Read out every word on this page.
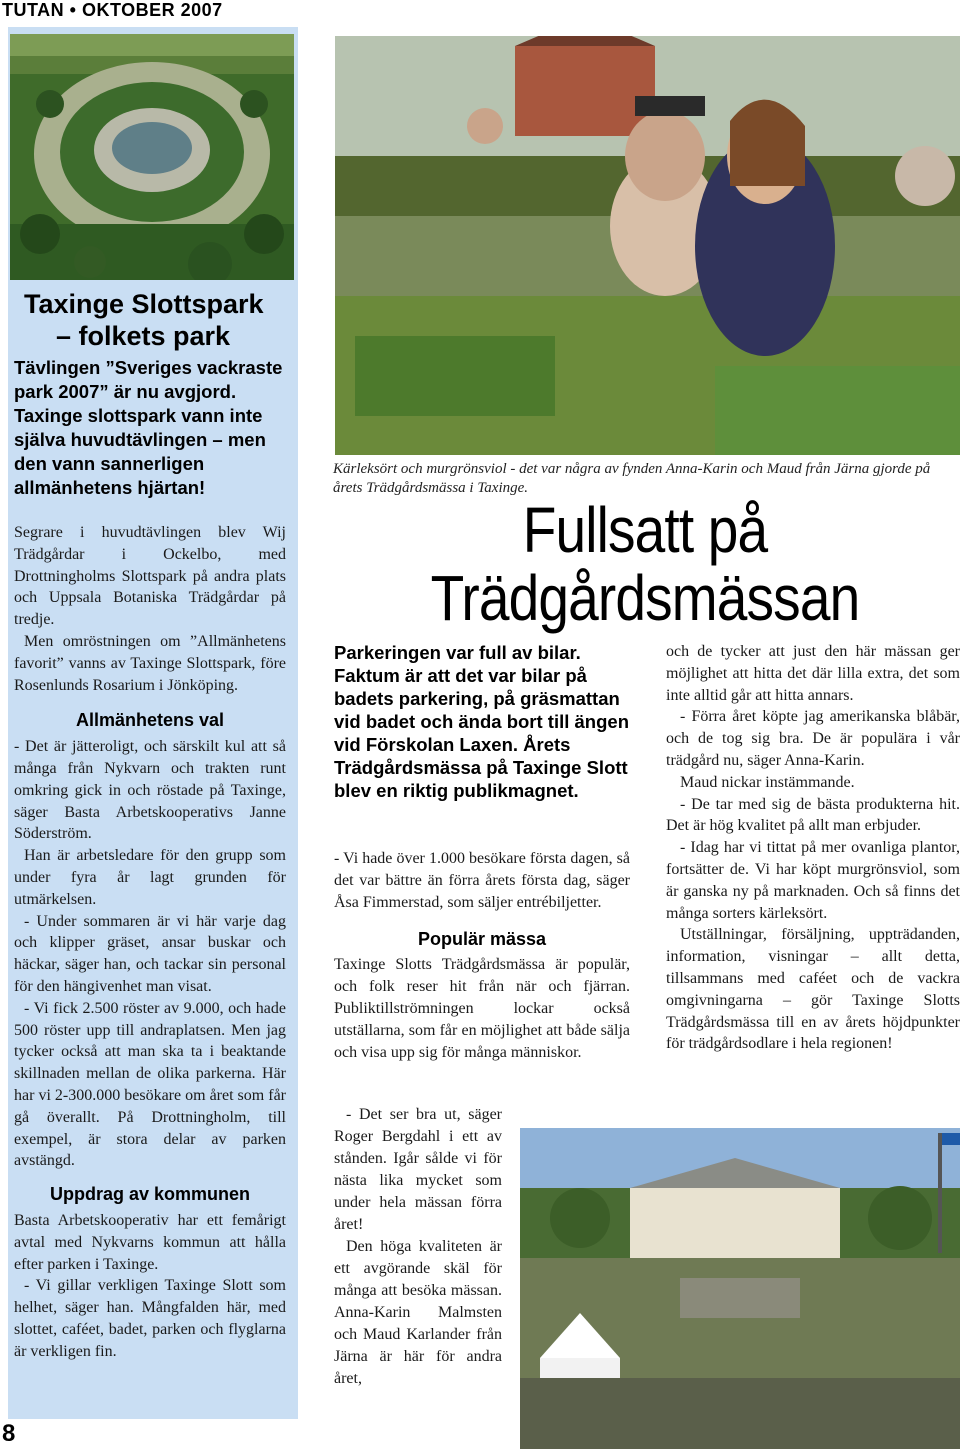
TUTAN • OKTOBER 2007
Taxinge Slottspark
– folkets park
Tävlingen ”Sveriges vackraste park 2007” är nu avgjord. Taxinge slottspark vann inte själva huvudtävlingen – men den vann sannerligen allmänhetens hjärtan!

Segrare i huvudtävlingen blev Wij Trädgårdar i Ockelbo, med Drottningholms Slottspark på andra plats och Uppsala Botaniska Trädgårdar på tredje.

Men omröstningen om ”Allmänhetens favorit” vanns av Taxinge Slottspark, före Rosenlunds Rosarium i Jönköping.

Allmänhetens val

- Det är jätteroligt, och särskilt kul att så många från Nykvarn och trakten runt omkring gick in och röstade på Taxinge, säger Basta Arbetskooperativs Janne Söderström.

Han är arbetsledare för den grupp som under fyra år lagt grunden för utmärkelsen.

- Under sommaren är vi här varje dag och klipper gräset, ansar buskar och häckar, säger han, och tackar sin personal för den hängivenhet man visat.

- Vi fick 2.500 röster av 9.000, och hade 500 röster upp till andraplatsen. Men jag tycker också att man ska ta i beaktande skillnaden mellan de olika parkerna. Här har vi 2-300.000 besökare om året som får gå överallt. På Drottningholm, till exempel, är stora delar av parken avstängd.

Uppdrag av kommunen

Basta Arbetskooperativ har ett femårigt avtal med Nykvarns kommun att hålla efter parken i Taxinge.

- Vi gillar verkligen Taxinge Slott som helhet, säger han. Mångfalden här, med slottet, caféet, badet, parken och flyglarna är verkligen fin.

8
Kärleksört och murgrönsviol - det var några av fynden Anna-Karin och Maud från Järna gjorde på årets Trädgårdsmässa i Taxinge.
Fullsatt på
Trädgårdsmässan
Parkeringen var full av bilar. Faktum är att det var bilar på badets parkering, på gräsmattan vid badet och ända bort till ängen vid Förskolan Laxen. Årets Trädgårdsmässa på Taxinge Slott blev en riktig publikmagnet.

- Vi hade över 1.000 besökare första dagen, så det var bättre än förra årets första dag, säger Åsa Fimmerstad, som säljer entrébiljetter.

Populär mässa

Taxinge Slotts Trädgårdsmässa är populär, och folk reser hit från när och fjärran. Publiktillströmningen lockar också utställarna, som får en möjlighet att både sälja och visa upp sig för många människor.

- Det ser bra ut, säger Roger Bergdahl i ett av stånden. Igår sålde vi för nästa lika mycket som under hela mässan förra året!

Den höga kvaliteten är ett avgörande skäl för många att besöka mässan. Anna-Karin Malmsten och Maud Karlander från Järna är här för andra året,

och de tycker att just den här mässan ger möjlighet att hitta det där lilla extra, det som inte alltid går att hitta annars.

- Förra året köpte jag amerikanska blåbär, och de tog sig bra. De är populära i vår trädgård nu, säger Anna-Karin.

Maud nickar instämmande.

- De tar med sig de bästa produkterna hit. Det är hög kvalitet på allt man erbjuder.

- Idag har vi tittat på mer ovanliga plantor, fortsätter de. Vi har köpt murgrönsviol, som är ganska ny på marknaden. Och så finns det många sorters kärleksört.

Utställningar, försäljning, uppträdanden, information, visningar – allt detta, tillsammans med caféet och de vackra omgivningarna – gör Taxinge Slotts Trädgårdsmässa till en av årets höjdpunkter för trädgårdsodlare i hela regionen!
